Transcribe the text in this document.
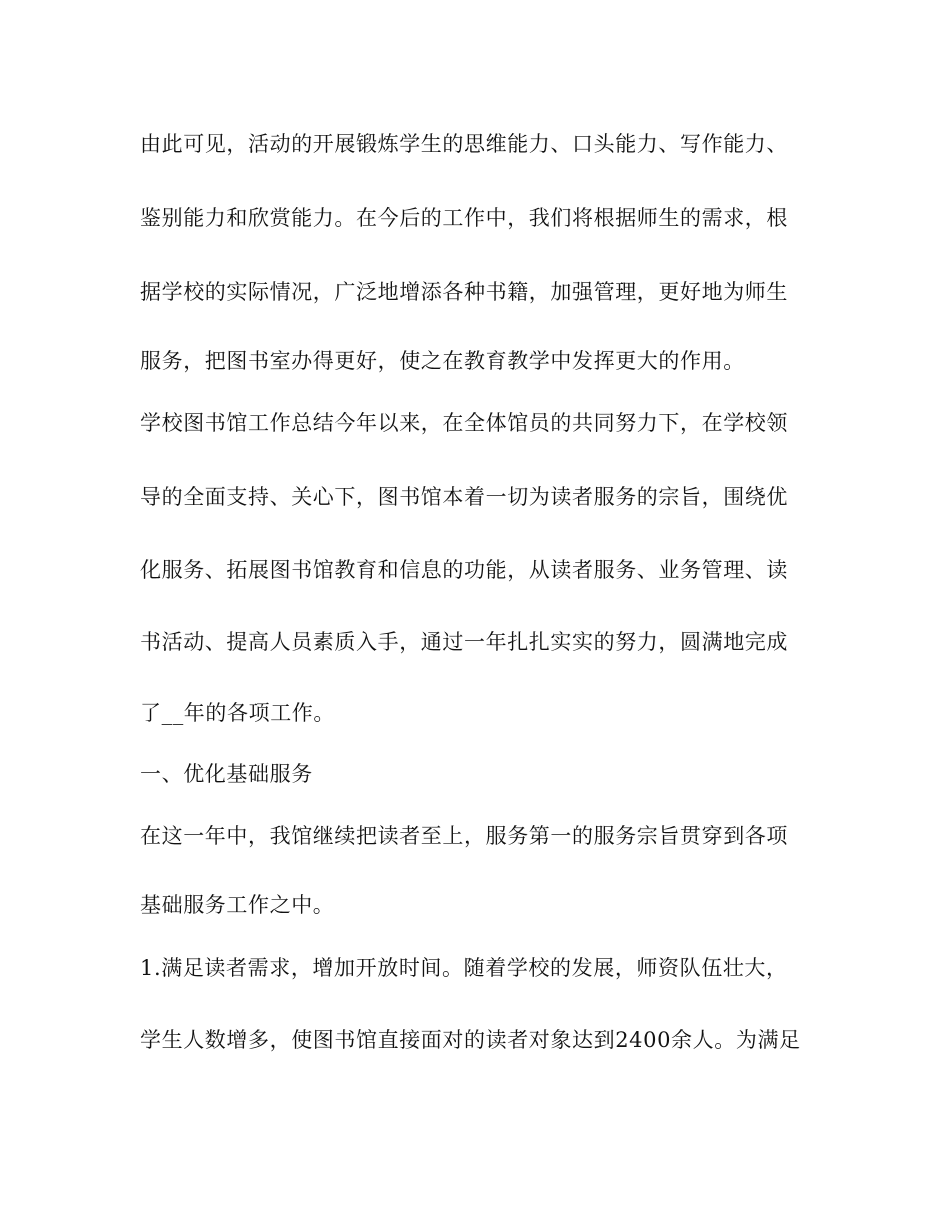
由此可见，活动的开展锻炼学生的思维能力、口头能力、写作能力、
鉴别能力和欣赏能力。在今后的工作中，我们将根据师生的需求，根
据学校的实际情况，广泛地增添各种书籍，加强管理，更好地为师生
服务，把图书室办得更好，使之在教育教学中发挥更大的作用。
学校图书馆工作总结今年以来，在全体馆员的共同努力下，在学校领
导的全面支持、关心下，图书馆本着一切为读者服务的宗旨，围绕优
化服务、拓展图书馆教育和信息的功能，从读者服务、业务管理、读
书活动、提高人员素质入手，通过一年扎扎实实的努力，圆满地完成
了__年的各项工作。
一、优化基础服务
在这一年中，我馆继续把读者至上，服务第一的服务宗旨贯穿到各项
基础服务工作之中。
1.满足读者需求，增加开放时间。随着学校的发展，师资队伍壮大，
学生人数增多，使图书馆直接面对的读者对象达到2400余人。为满足
